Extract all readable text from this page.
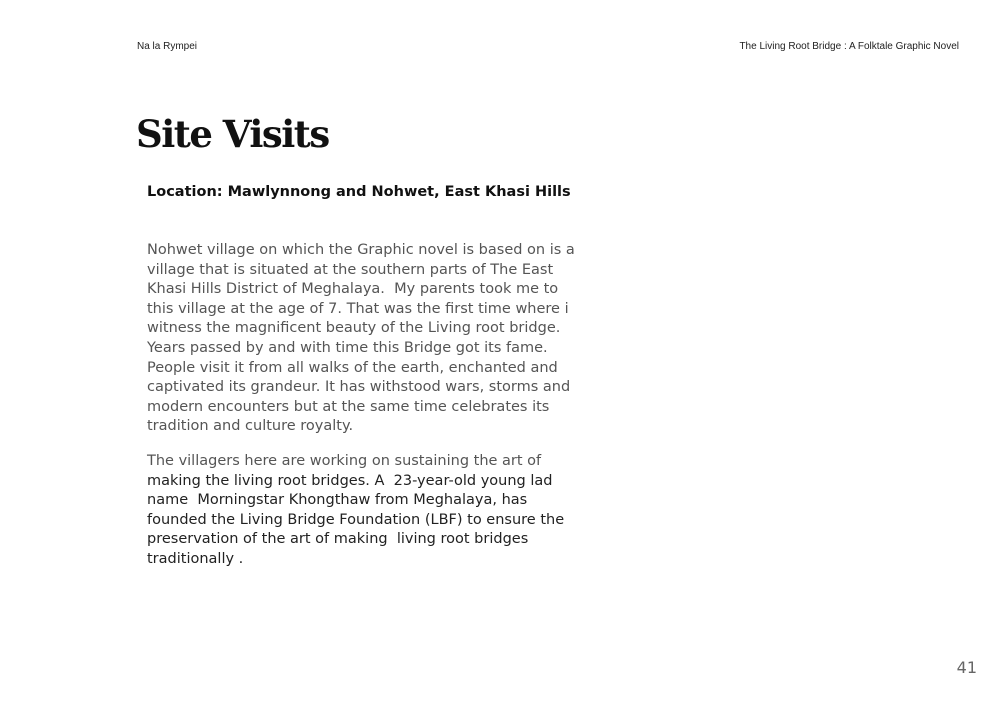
Na la Rympei	The Living Root Bridge : A Folktale Graphic Novel
Site Visits
Location: Mawlynnong and Nohwet, East Khasi Hills
Nohwet village on which the Graphic novel is based on is a
village that is situated at the southern parts of The East
Khasi Hills District of Meghalaya.  My parents took me to
this village at the age of 7. That was the first time where i
witness the magnificent beauty of the Living root bridge.
Years passed by and with time this Bridge got its fame.
People visit it from all walks of the earth, enchanted and
captivated its grandeur. It has withstood wars, storms and
modern encounters but at the same time celebrates its
tradition and culture royalty.
The villagers here are working on sustaining the art of
making the living root bridges. A  23-year-old young lad
name  Morningstar Khongthaw from Meghalaya, has
founded the Living Bridge Foundation (LBF) to ensure the
preservation of the art of making  living root bridges
traditionally .
41
